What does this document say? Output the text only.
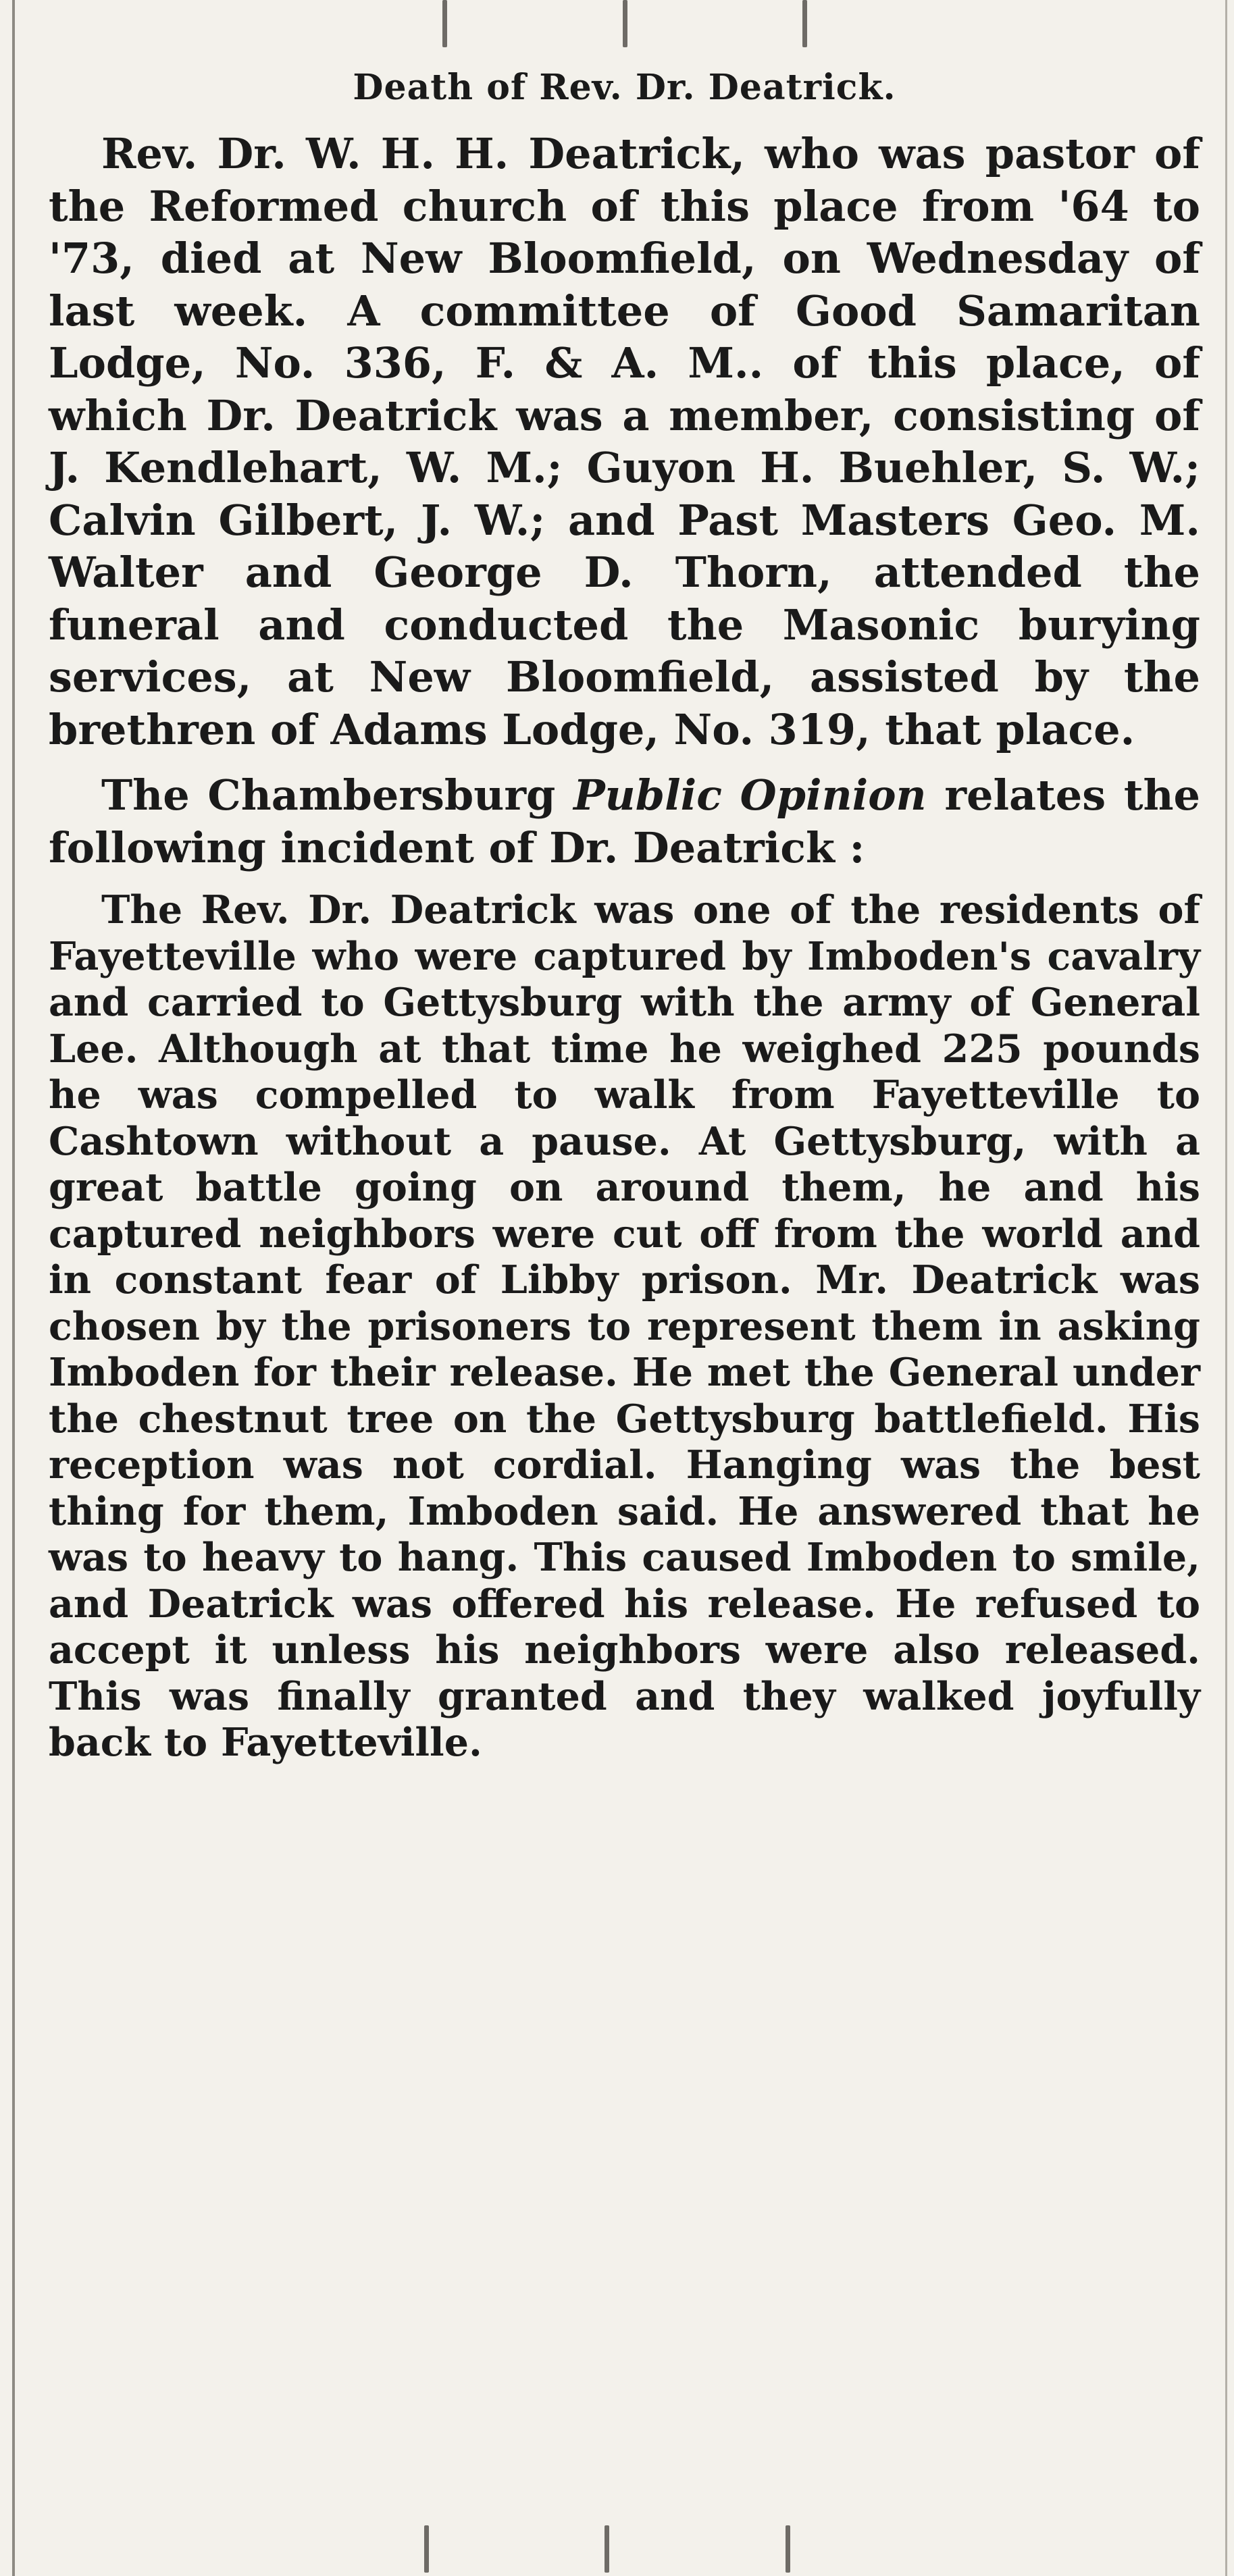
Death of Rev. Dr. Deatrick.

Rev. Dr. W. H. H. Deatrick, who was pastor of the Reformed church of this place from '64 to '73, died at New Bloomfield, on Wednesday of last week. A committee of Good Samaritan Lodge, No. 336, F. & A. M.. of this place, of which Dr. Deatrick was a member, consisting of J. Kendlehart, W. M.; Guyon H. Buehler, S. W.; Calvin Gilbert, J. W.; and Past Masters Geo. M. Walter and George D. Thorn, attended the funeral and conducted the Masonic burying services, at New Bloomfield, assisted by the brethren of Adams Lodge, No. 319, that place.

The Chambersburg Public Opinion relates the following incident of Dr. Deatrick :

The Rev. Dr. Deatrick was one of the residents of Fayetteville who were captured by Imboden's cavalry and carried to Gettysburg with the army of General Lee. Although at that time he weighed 225 pounds he was compelled to walk from Fayetteville to Cashtown without a pause. At Gettysburg, with a great battle going on around them, he and his captured neighbors were cut off from the world and in constant fear of Libby prison. Mr. Deatrick was chosen by the prisoners to represent them in asking Imboden for their release. He met the General under the chestnut tree on the Gettysburg battlefield. His reception was not cordial. Hanging was the best thing for them, Imboden said. He answered that he was to heavy to hang. This caused Imboden to smile, and Deatrick was offered his release. He refused to accept it unless his neighbors were also released. This was finally granted and they walked joyfully back to Fayetteville.
